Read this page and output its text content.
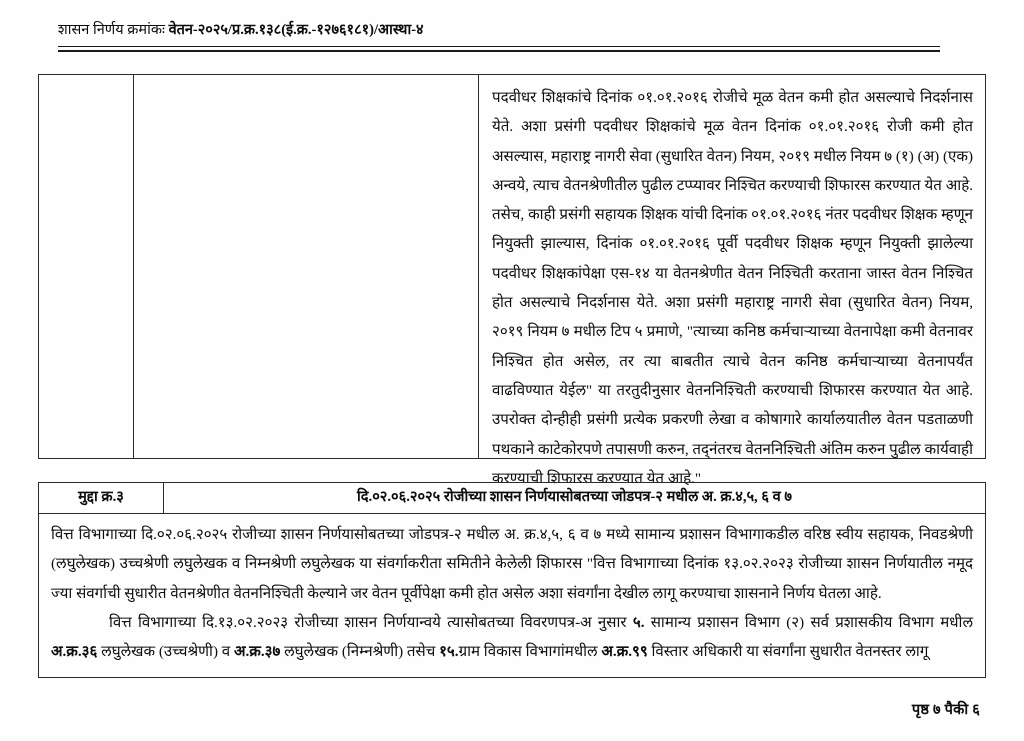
शासन निर्णय क्रमांकः वेतन-२०२५/प्र.क्र.१३८(ई.क्र.-१२७६१८१)/आस्था-४

पदवीधर शिक्षकांचे दिनांक ०१.०१.२०१६ रोजीचे मूळ वेतन कमी होत असल्याचे निदर्शनास येते. अशा प्रसंगी पदवीधर शिक्षकांचे मूळ वेतन दिनांक ०१.०१.२०१६ रोजी कमी होत असल्यास, महाराष्ट्र नागरी सेवा (सुधारित वेतन) नियम, २०१९ मधील नियम ७ (१) (अ) (एक) अन्वये, त्याच वेतनश्रेणीतील पुढील टप्प्यावर निश्चित करण्याची शिफारस करण्यात येत आहे. तसेच, काही प्रसंगी सहायक शिक्षक यांची दिनांक ०१.०१.२०१६ नंतर पदवीधर शिक्षक म्हणून नियुक्ती झाल्यास, दिनांक ०१.०१.२०१६ पूर्वी पदवीधर शिक्षक म्हणून नियुक्ती झालेल्या पदवीधर शिक्षकांपेक्षा एस-१४ या वेतनश्रेणीत वेतन निश्चिती करताना जास्त वेतन निश्चित होत असल्याचे निदर्शनास येते. अशा प्रसंगी महाराष्ट्र नागरी सेवा (सुधारित वेतन) नियम, २०१९ नियम ७ मधील टिप ५ प्रमाणे, "त्याच्या कनिष्ठ कर्मचाऱ्याच्या वेतनापेक्षा कमी वेतनावर निश्चित होत असेल, तर त्या बाबतीत त्याचे वेतन कनिष्ठ कर्मचाऱ्याच्या वेतनापर्यंत वाढविण्यात येईल" या तरतुदीनुसार वेतननिश्चिती करण्याची शिफारस करण्यात येत आहे. उपरोक्त दोन्हीही प्रसंगी प्रत्येक प्रकरणी लेखा व कोषागारे कार्यालयातील वेतन पडताळणी पथकाने काटेकोरपणे तपासणी करुन, तद्‌नंतरच वेतननिश्चिती अंतिम करुन पुढील कार्यवाही करण्याची शिफारस करण्यात येत आहे."

मुद्दा क्र.३	दि.०२.०६.२०२५ रोजीच्या शासन निर्णयासोबतच्या जोडपत्र-२ मधील अ. क्र.४,५, ६ व ७

वित्त विभागाच्या दि.०२.०६.२०२५ रोजीच्या शासन निर्णयासोबतच्या जोडपत्र-२ मधील अ. क्र.४,५, ६ व ७ मध्ये सामान्य प्रशासन विभागाकडील वरिष्ठ स्वीय सहायक, निवडश्रेणी (लघुलेखक) उच्चश्रेणी लघुलेखक व निम्नश्रेणी लघुलेखक या संवर्गाकरीता समितीने केलेली शिफारस "वित्त विभागाच्या दिनांक १३.०२.२०२३ रोजीच्या शासन निर्णयातील नमूद ज्या संवर्गाची सुधारीत वेतनश्रेणीत वेतननिश्चिती केल्याने जर वेतन पूर्वीपेक्षा कमी होत असेल अशा संवर्गांना देखील लागू करण्याचा शासनाने निर्णय घेतला आहे.

वित्त विभागाच्या दि.१३.०२.२०२३ रोजीच्या शासन निर्णयान्वये त्यासोबतच्या विवरणपत्र-अ नुसार ५. सामान्य प्रशासन विभाग (२) सर्व प्रशासकीय विभाग मधील अ.क्र.३६ लघुलेखक (उच्चश्रेणी) व अ.क्र.३७ लघुलेखक (निम्नश्रेणी) तसेच १५.ग्राम विकास विभागांमधील अ.क्र.९९ विस्तार अधिकारी या संवर्गांना सुधारीत वेतनस्तर लागू

पृष्ठ ७ पैकी ६
